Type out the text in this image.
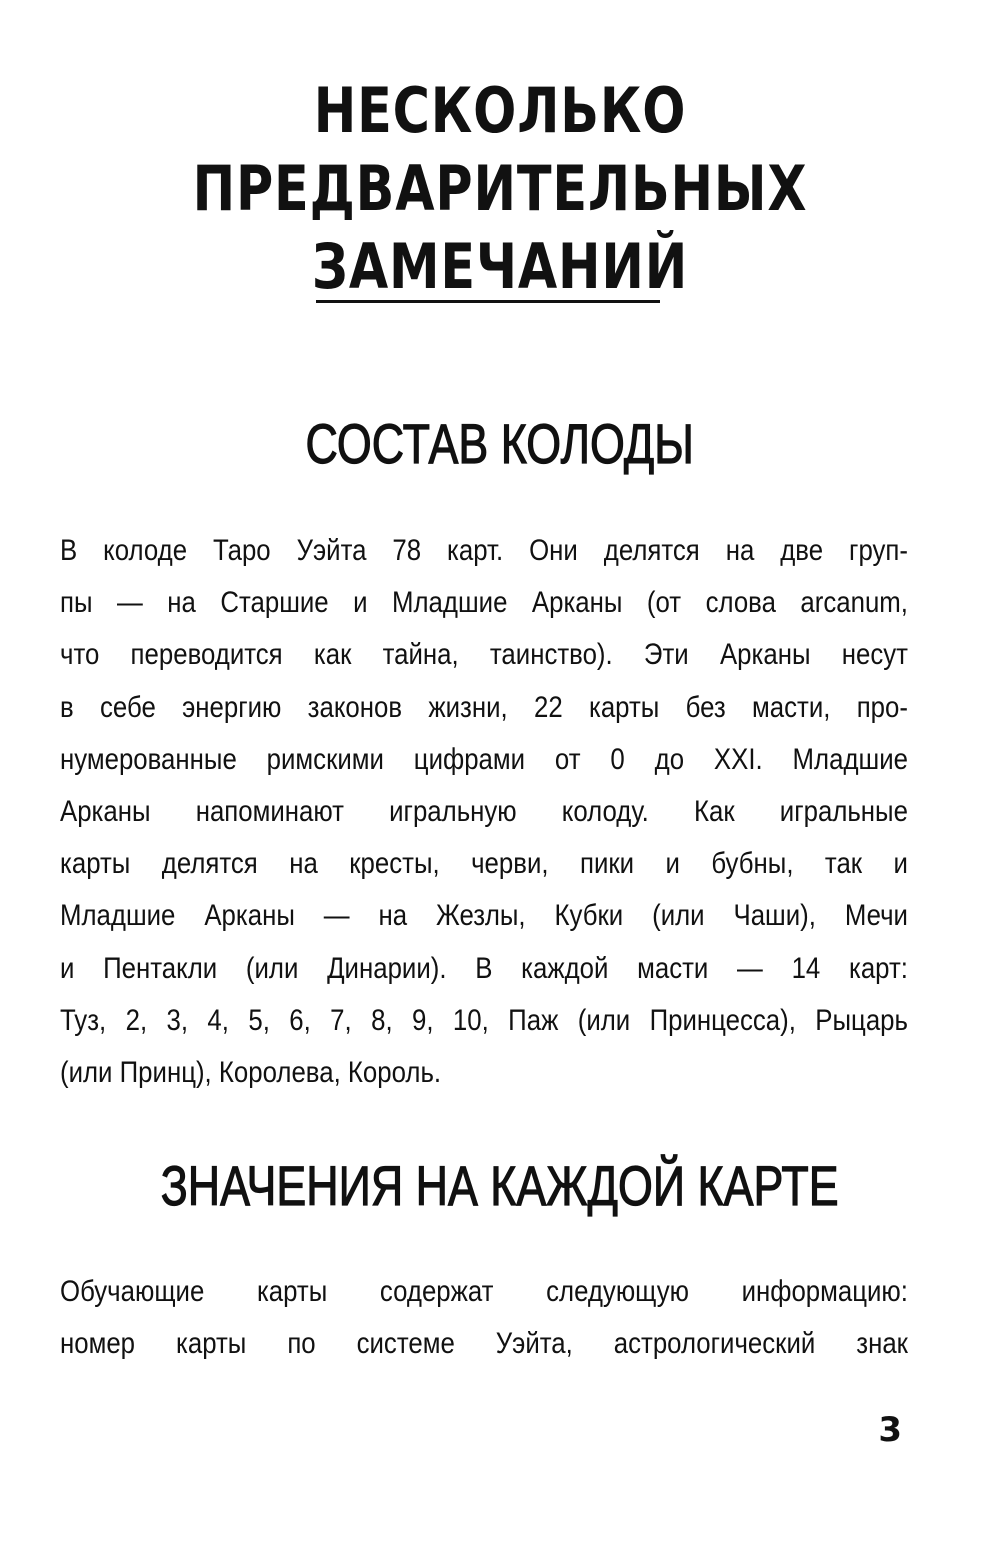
НЕСКОЛЬКО
ПРЕДВАРИТЕЛЬНЫХ
ЗАМЕЧАНИЙ
СОСТАВ КОЛОДЫ

В колоде Таро Уэйта 78 карт. Они делятся на две груп-
пы — на Старшие и Младшие Арканы (от слова arcanum,
что переводится как тайна, таинство). Эти Арканы несут
в себе энергию законов жизни, 22 карты без масти, про-
нумерованные римскими цифрами от 0 до XXI. Младшие
Арканы напоминают игральную колоду. Как игральные
карты делятся на кресты, черви, пики и бубны, так и
Младшие Арканы — на Жезлы, Кубки (или Чаши), Мечи
и Пентакли (или Динарии). В каждой масти — 14 карт:
Туз, 2, 3, 4, 5, 6, 7, 8, 9, 10, Паж (или Принцесса), Рыцарь
(или Принц), Королева, Король.

ЗНАЧЕНИЯ НА КАЖДОЙ КАРТЕ

Обучающие карты содержат следующую информацию:
номер карты по системе Уэйта, астрологический знак

3
